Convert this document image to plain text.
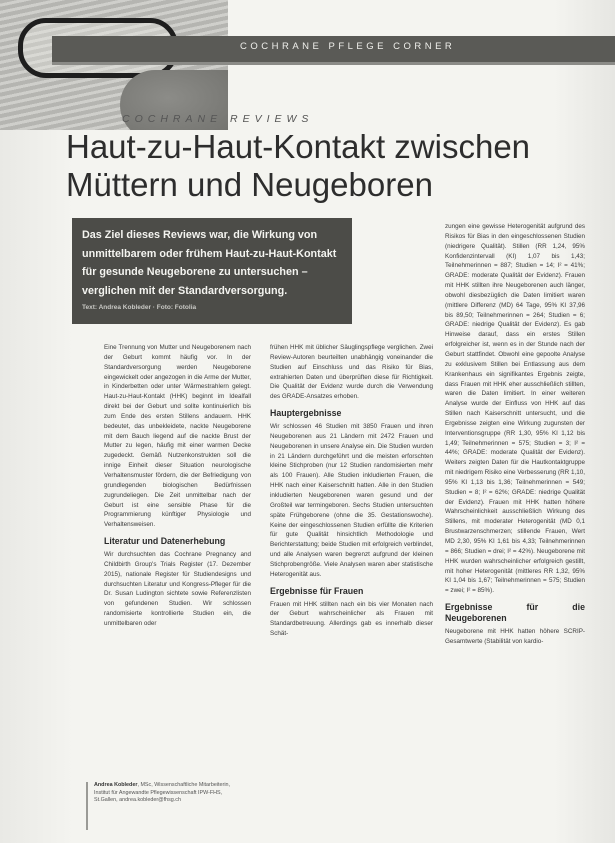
COCHRANE PFLEGE CORNER
COCHRANE REVIEWS
Haut-zu-Haut-Kontakt zwischen Müttern und Neugeboren

Das Ziel dieses Reviews war, die Wirkung von unmittelbarem oder frühem Haut-zu-Haut-Kontakt für gesunde Neugeborene zu untersuchen – verglichen mit der Standardversorgung.

Text: Andrea Kobleder · Foto: Fotolia

Eine Trennung von Mutter und Neugeborenem nach der Geburt kommt häufig vor. In der Standardversorgung werden Neugeborene eingewickelt oder angezogen in die Arme der Mutter, in Kinderbetten oder unter Wärmestrahlern gelegt. Haut-zu-Haut-Kontakt (HHK) beginnt im Idealfall direkt bei der Geburt und sollte kontinuierlich bis zum Ende des ersten Stillens andauern. HHK bedeutet, das unbekleidete, nackte Neugeborene mit dem Bauch liegend auf die nackte Brust der Mutter zu legen, häufig mit einer warmen Decke zugedeckt. Gemäß Nutzenkonstrukten soll die innige Einheit dieser Situation neurologische Verhaltensmuster fördern, die der Befriedigung von grundlegenden biologischen Bedürfnissen zugrundeliegen. Die Zeit unmittelbar nach der Geburt ist eine sensible Phase für die Programmierung künftiger Physiologie und Verhaltensweisen.

Literatur und Datenerhebung

Wir durchsuchten das Cochrane Pregnancy and Childbirth Group's Trials Register (17. Dezember 2015), nationale Register für Studiendesigns und durchsuchten Literatur und Kongress-Pfleger für die Dr. Susan Ludington sichtete sowie Referenzlisten von gefundenen Studien. Wir schlossen randomisierte kontrollierte Studien ein, die unmittelbaren oder

frühen HHK mit üblicher Säuglingspflege verglichen. Zwei Review-Autoren beurteilten unabhängig voneinander die Studien auf Einschluss und das Risiko für Bias, extrahierten Daten und überprüften diese für Richtigkeit. Die Qualität der Evidenz wurde durch die Verwendung des GRADE-Ansatzes erhoben.

Hauptergebnisse

Wir schlossen 46 Studien mit 3850 Frauen und ihren Neugeborenen aus 21 Ländern mit 2472 Frauen und Neugeborenen in unsere Analyse ein. Die Studien wurden in 21 Ländern durchgeführt und die meisten erforschten kleine Stichproben (nur 12 Studien randomisierten mehr als 100 Frauen). Alle Studien inkludierten Frauen, die HHK nach einer Kaiserschnitt hatten. Alle in den Studien inkludierten Neugeborenen waren gesund und der Großteil war termingeboren. Sechs Studien untersuchten späte Frühgeborene (ohne die 35. Gestationswoche). Keine der eingeschlossenen Studien erfüllte die Kriterien für gute Qualität hinsichtlich Methodologie und Berichterstattung; beide Studien mit erfolgreich verblindet, und alle Analysen waren begrenzt aufgrund der kleinen Stichprobengröße. Viele Analysen waren aber statistische Heterogenität aus.

Ergebnisse für Frauen

Frauen mit HHK stillten nach ein bis vier Monaten nach der Geburt wahrscheinlicher als Frauen mit Standardbetreuung. Allerdings gab es innerhalb dieser Schät-

zungen eine gewisse Heterogenität aufgrund des Risikos für Bias in den eingeschlossenen Studien (niedrigere Qualität). Stillen (RR 1,24, 95% Konfidenzintervall (KI) 1,07 bis 1,43; Teilnehmerinnen = 887; Studien = 14; I² = 41%; GRADE: moderate Qualität der Evidenz). Frauen mit HHK stillten ihre Neugeborenen auch länger, obwohl diesbezüglich die Daten limitiert waren (mittlere Differenz (MD) 64 Tage, 95% KI 37,96 bis 89,50; Teilnehmerinnen = 264; Studien = 6; GRADE: niedrige Qualität der Evidenz). Es gab Hinweise darauf, dass ein erstes Stillen erfolgreicher ist, wenn es in der Stunde nach der Geburt stattfindet. Obwohl eine gepoolte Analyse zu exklusivem Stillen bei Entlassung aus dem Krankenhaus ein signifikantes Ergebnis zeigte, dass Frauen mit HHK eher ausschließlich stillten, waren die Daten limitiert. In einer weiteren Analyse wurde der Einfluss von HHK auf das Stillen nach Kaiserschnitt untersucht, und die Ergebnisse zeigten eine Wirkung zugunsten der Interventionsgruppe (RR 1,30, 95% KI 1,12 bis 1,49; Teilnehmerinnen = 575; Studien = 3; I² = 44%; GRADE: moderate Qualität der Evidenz). Weiters zeigten Daten für die Hautkontaktgruppe mit niedrigem Risiko eine Verbesserung (RR 1,10, 95% KI 1,13 bis 1,36; Teilnehmerinnen = 549; Studien = 8; I² = 62%; GRADE: niedrige Qualität der Evidenz). Frauen mit HHK hatten höhere Wahrscheinlichkeit ausschließlich Wirkung des Stillens, mit moderater Heterogenität (MD 0,1 Brustwarzenschmerzen; stillende Frauen, Wert MD 2,30, 95% KI 1,61 bis 4,33; Teilnehmerinnen = 866; Studien = drei; I² = 42%). Neugeborene mit HHK wurden wahrscheinlicher erfolgreich gestillt, mit hoher Heterogenität (mittleres RR 1,32, 95% KI 1,04 bis 1,67; Teilnehmerinnen = 575; Studien = zwei; I² = 85%).

Ergebnisse für die Neugeborenen

Neugeborene mit HHK hatten höhere SCRIP-Gesamtwerte (Stabilität von kardio-

Andrea Kobleder, MSc, Wissenschaftliche Mitarbeiterin, Institut für Angewandte Pflegewissenschaft IPW-FHS, St.Gallen, andrea.kobleder@fhsg.ch
